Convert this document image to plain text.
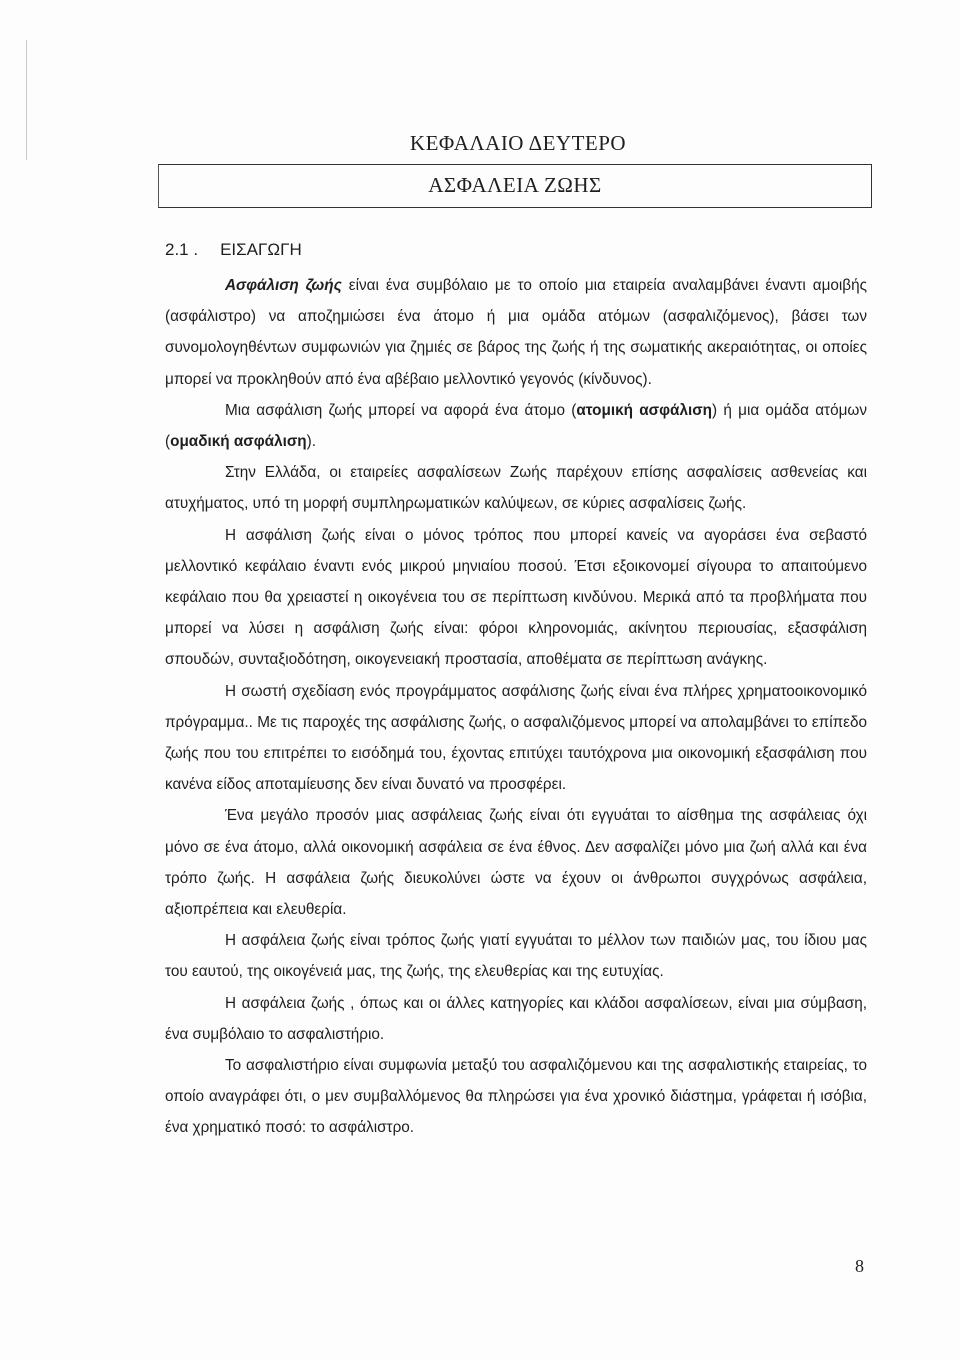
ΚΕΦΑΛΑΙΟ ΔΕΥΤΕΡΟ
ΑΣΦΑΛΕΙΑ ΖΩΗΣ
2.1 . ΕΙΣΑΓΩΓΗ

Ασφάλιση ζωής είναι ένα συμβόλαιο με το οποίο μια εταιρεία αναλαμβάνει έναντι αμοιβής (ασφάλιστρο) να αποζημιώσει ένα άτομο ή μια ομάδα ατόμων (ασφαλιζόμενος), βάσει των συνομολογηθέντων συμφωνιών για ζημιές σε βάρος της ζωής ή της σωματικής ακεραιότητας, οι οποίες μπορεί να προκληθούν από ένα αβέβαιο μελλοντικό γεγονός (κίνδυνος).

Μια ασφάλιση ζωής μπορεί να αφορά ένα άτομο (ατομική ασφάλιση) ή μια ομάδα ατόμων (ομαδική ασφάλιση).

Στην Ελλάδα, οι εταιρείες ασφαλίσεων Ζωής παρέχουν επίσης ασφαλίσεις ασθενείας και ατυχήματος, υπό τη μορφή συμπληρωματικών καλύψεων, σε κύριες ασφαλίσεις ζωής.

Η ασφάλιση ζωής είναι ο μόνος τρόπος που μπορεί κανείς να αγοράσει ένα σεβαστό μελλοντικό κεφάλαιο έναντι ενός μικρού μηνιαίου ποσού. Έτσι εξοικονομεί σίγουρα το απαιτούμενο κεφάλαιο που θα χρειαστεί η οικογένεια του σε περίπτωση κινδύνου. Μερικά από τα προβλήματα που μπορεί να λύσει η ασφάλιση ζωής είναι: φόροι κληρονομιάς, ακίνητου περιουσίας, εξασφάλιση σπουδών, συνταξιοδότηση, οικογενειακή προστασία, αποθέματα σε περίπτωση ανάγκης.

Η σωστή σχεδίαση ενός προγράμματος ασφάλισης ζωής είναι ένα πλήρες χρηματοοικονομικό πρόγραμμα.. Με τις παροχές της ασφάλισης ζωής, ο ασφαλιζόμενος μπορεί να απολαμβάνει το επίπεδο ζωής που του επιτρέπει το εισόδημά του, έχοντας επιτύχει ταυτόχρονα μια οικονομική εξασφάλιση που κανένα είδος αποταμίευσης δεν είναι δυνατό να προσφέρει.

Ένα μεγάλο προσόν μιας ασφάλειας ζωής είναι ότι εγγυάται το αίσθημα της ασφάλειας όχι μόνο σε ένα άτομο, αλλά οικονομική ασφάλεια σε ένα έθνος. Δεν ασφαλίζει μόνο μια ζωή αλλά και ένα τρόπο ζωής. Η ασφάλεια ζωής διευκολύνει ώστε να έχουν οι άνθρωποι συγχρόνως ασφάλεια, αξιοπρέπεια και ελευθερία.

Η ασφάλεια ζωής είναι τρόπος ζωής γιατί εγγυάται το μέλλον των παιδιών μας, του ίδιου μας του εαυτού, της οικογένειά μας, της ζωής, της ελευθερίας και της ευτυχίας.

Η ασφάλεια ζωής , όπως και οι άλλες κατηγορίες και κλάδοι ασφαλίσεων, είναι μια σύμβαση, ένα συμβόλαιο το ασφαλιστήριο.

Το ασφαλιστήριο είναι συμφωνία μεταξύ του ασφαλιζόμενου και της ασφαλιστικής εταιρείας, το οποίο αναγράφει ότι, ο μεν συμβαλλόμενος θα πληρώσει για ένα χρονικό διάστημα, γράφεται ή ισόβια, ένα χρηματικό ποσό: το ασφάλιστρο.

8
